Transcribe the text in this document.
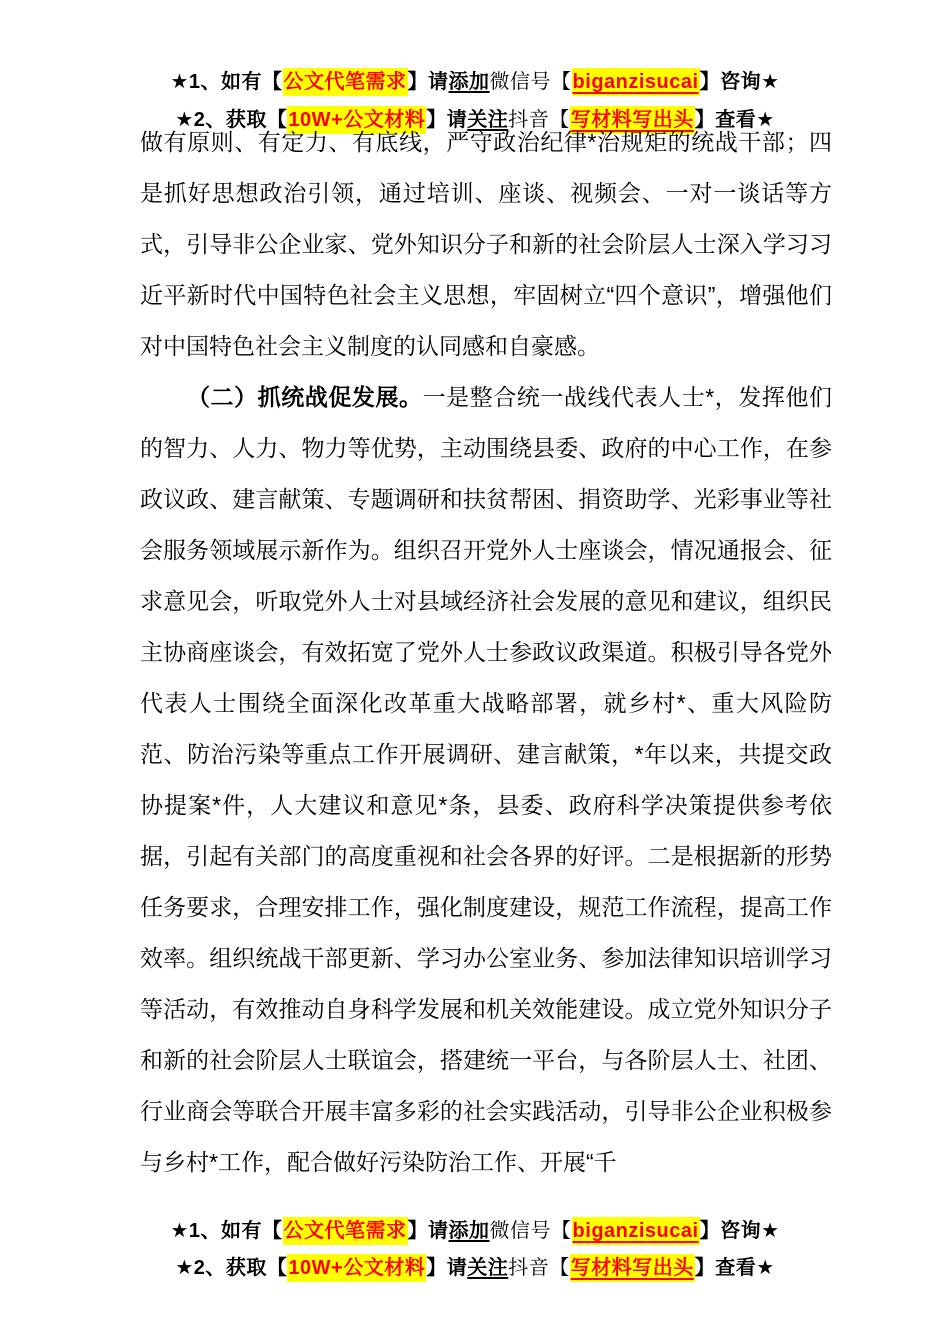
★1、如有【公文代笔需求】请添加微信号【biganzisucai】咨询★
★2、获取【10W+公文材料】请关注抖音【写材料写出头】查看★

做有原则、有定力、有底线，严守政治纪律*治规矩的统战干部；四是抓好思想政治引领，通过培训、座谈、视频会、一对一谈话等方式，引导非公企业家、党外知识分子和新的社会阶层人士深入学习习近平新时代中国特色社会主义思想，牢固树立“四个意识”，增强他们对中国特色社会主义制度的认同感和自豪感。

（二）抓统战促发展。一是整合统一战线代表人士*，发挥他们的智力、人力、物力等优势，主动围绕县委、政府的中心工作，在参政议政、建言献策、专题调研和扶贫帮困、捐资助学、光彩事业等社会服务领域展示新作为。组织召开党外人士座谈会，情况通报会、征求意见会，听取党外人士对县域经济社会发展的意见和建议，组织民主协商座谈会，有效拓宽了党外人士参政议政渠道。积极引导各党外代表人士围绕全面深化改革重大战略部署，就乡村*、重大风险防范、防治污染等重点工作开展调研、建言献策，*年以来，共提交政协提案*件，人大建议和意见*条，县委、政府科学决策提供参考依据，引起有关部门的高度重视和社会各界的好评。二是根据新的形势任务要求，合理安排工作，强化制度建设，规范工作流程，提高工作效率。组织统战干部更新、学习办公室业务、参加法律知识培训学习等活动，有效推动自身科学发展和机关效能建设。成立党外知识分子和新的社会阶层人士联谊会，搭建统一平台，与各阶层人士、社团、行业商会等联合开展丰富多彩的社会实践活动，引导非公企业积极参与乡村*工作，配合做好污染防治工作、开展“千

★1、如有【公文代笔需求】请添加微信号【biganzisucai】咨询★
★2、获取【10W+公文材料】请关注抖音【写材料写出头】查看★
